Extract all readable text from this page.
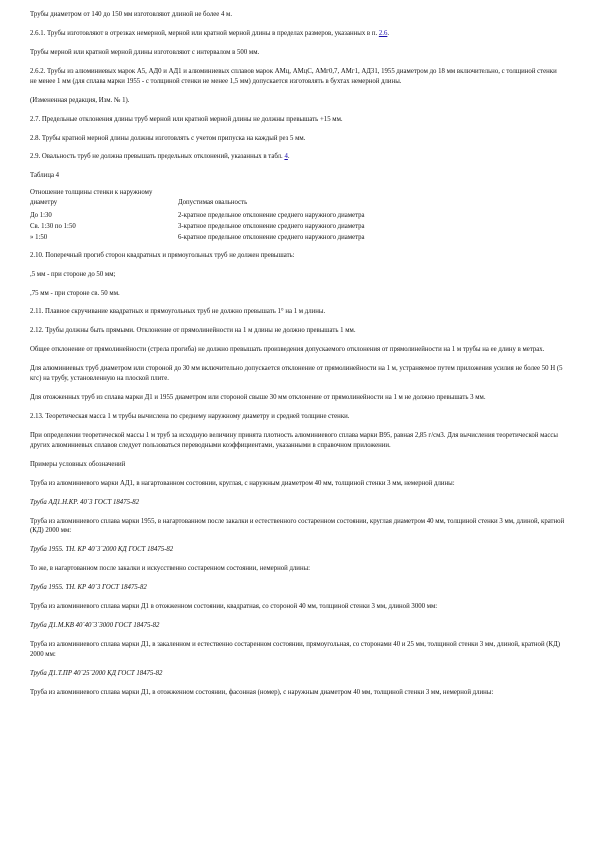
Трубы диаметром от 140 до 150 мм изготовляют длиной не более 4 м.

2.6.1. Трубы изготовляют в отрезках немерной, мерной или кратной мерной длины в пределах размеров, указанных в п. 2.6.

Трубы мерной или кратной мерной длины изготовляют с интервалом в 500 мм.

2.6.2. Трубы из алюминиевых марок А5, АД0 и АД1 и алюминиевых сплавов марок АМц, АМцС, АМг0,7, АМг1, АД31, 1955 диаметром до 18 мм включительно, с толщиной стенки не менее 1 мм (для сплава марки 1955 - с толщиной стенки не менее 1,5 мм) допускается изготовлять в бухтах немерной длины.

(Измененная редакция, Изм. № 1).

2.7. Предельные отклонения длины труб мерной или кратной мерной длины не должны превышать +15 мм.

2.8. Трубы кратной мерной длины должны изготовлять с учетом припуска на каждый рез 5 мм.

2.9. Овальность труб не должна превышать предельных отклонений, указанных в табл. 4.

Таблица 4

Отношение толщины стенки к наружному диаметру	Допустимая овальность
До 1:30	2-кратное предельное отклонение среднего наружного диаметра
Св. 1:30 по 1:50	3-кратное предельное отклонение среднего наружного диаметра
» 1:50	6-кратное предельное отклонение среднего наружного диаметра

2.10. Поперечный прогиб сторон квадратных и прямоугольных труб не должен превышать:

,5 мм - при стороне до 50 мм;

,75 мм - при стороне св. 50 мм.

2.11. Плавное скручивание квадратных и прямоугольных труб не должно превышать 1° на 1 м длины.

2.12. Трубы должны быть прямыми. Отклонение от прямолинейности на 1 м длины не должно превышать 1 мм.

Общее отклонение от прямолинейности (стрела прогиба) не должно превышать произведения допускаемого отклонения от прямолинейности на 1 м трубы на ее длину в метрах.

Для алюминиевых труб диаметром или стороной до 30 мм включительно допускается отклонение от прямолинейности на 1 м, устраняемое путем приложения усилия не более 50 Н (5 кгс) на трубу, установленную на плоской плите.

Для отожженных труб из сплава марки Д1 и 1955 диаметром или стороной свыше 30 мм отклонение от прямолинейности на 1 м не должно превышать 3 мм.

2.13. Теоретическая масса 1 м трубы вычислена по среднему наружному диаметру и средней толщине стенки.

При определении теоретической массы 1 м труб за исходную величину принята плотность алюминиевого сплава марки В95, равная 2,85 г/см3. Для вычисления теоретической массы других алюминиевых сплавов следует пользоваться переводными коэффициентами, указанными в справочном приложении.

Примеры условных обозначений

Труба из алюминиевого марки АД1, в нагартованном состоянии, круглая, с наружным диаметром 40 мм, толщиной стенки 3 мм, немерной длины:

Труба АД1.Н.КР. 40´3 ГОСТ 18475-82

Труба из алюминиевого сплава марки 1955, в нагартованном после закалки и естественного состаренном состоянии, круглая диаметром 40 мм, толщиной стенки 3 мм, длиной, кратной (КД) 2000 мм:

Труба 1955. ТН. КР 40´3´2000 КД ГОСТ 18475-82

То же, в нагартованном после закалки и искусственно состаренном состоянии, немерной длины:

Труба 1955. ТН. КР 40´3 ГОСТ 18475-82

Труба из алюминиевого сплава марки Д1 в отожженном состоянии, квадратная, со стороной 40 мм, толщиной стенки 3 мм, длиной 3000 мм:

Труба Д1.М.КВ 40´40´3´3000 ГОСТ 18475-82

Труба из алюминиевого сплава марки Д1, в закаленном и естественно состаренном состоянии, прямоугольная, со сторонами 40 и 25 мм, толщиной стенки 3 мм, длиной, кратной (КД) 2000 мм:

Труба Д1.Т.ПР 40´25´2000 КД ГОСТ 18475-82

Труба из алюминиевого сплава марки Д1, в отожженном состоянии, фасонная (номер), с наружным диаметром 40 мм, толщиной стенки 3 мм, немерной длины:
